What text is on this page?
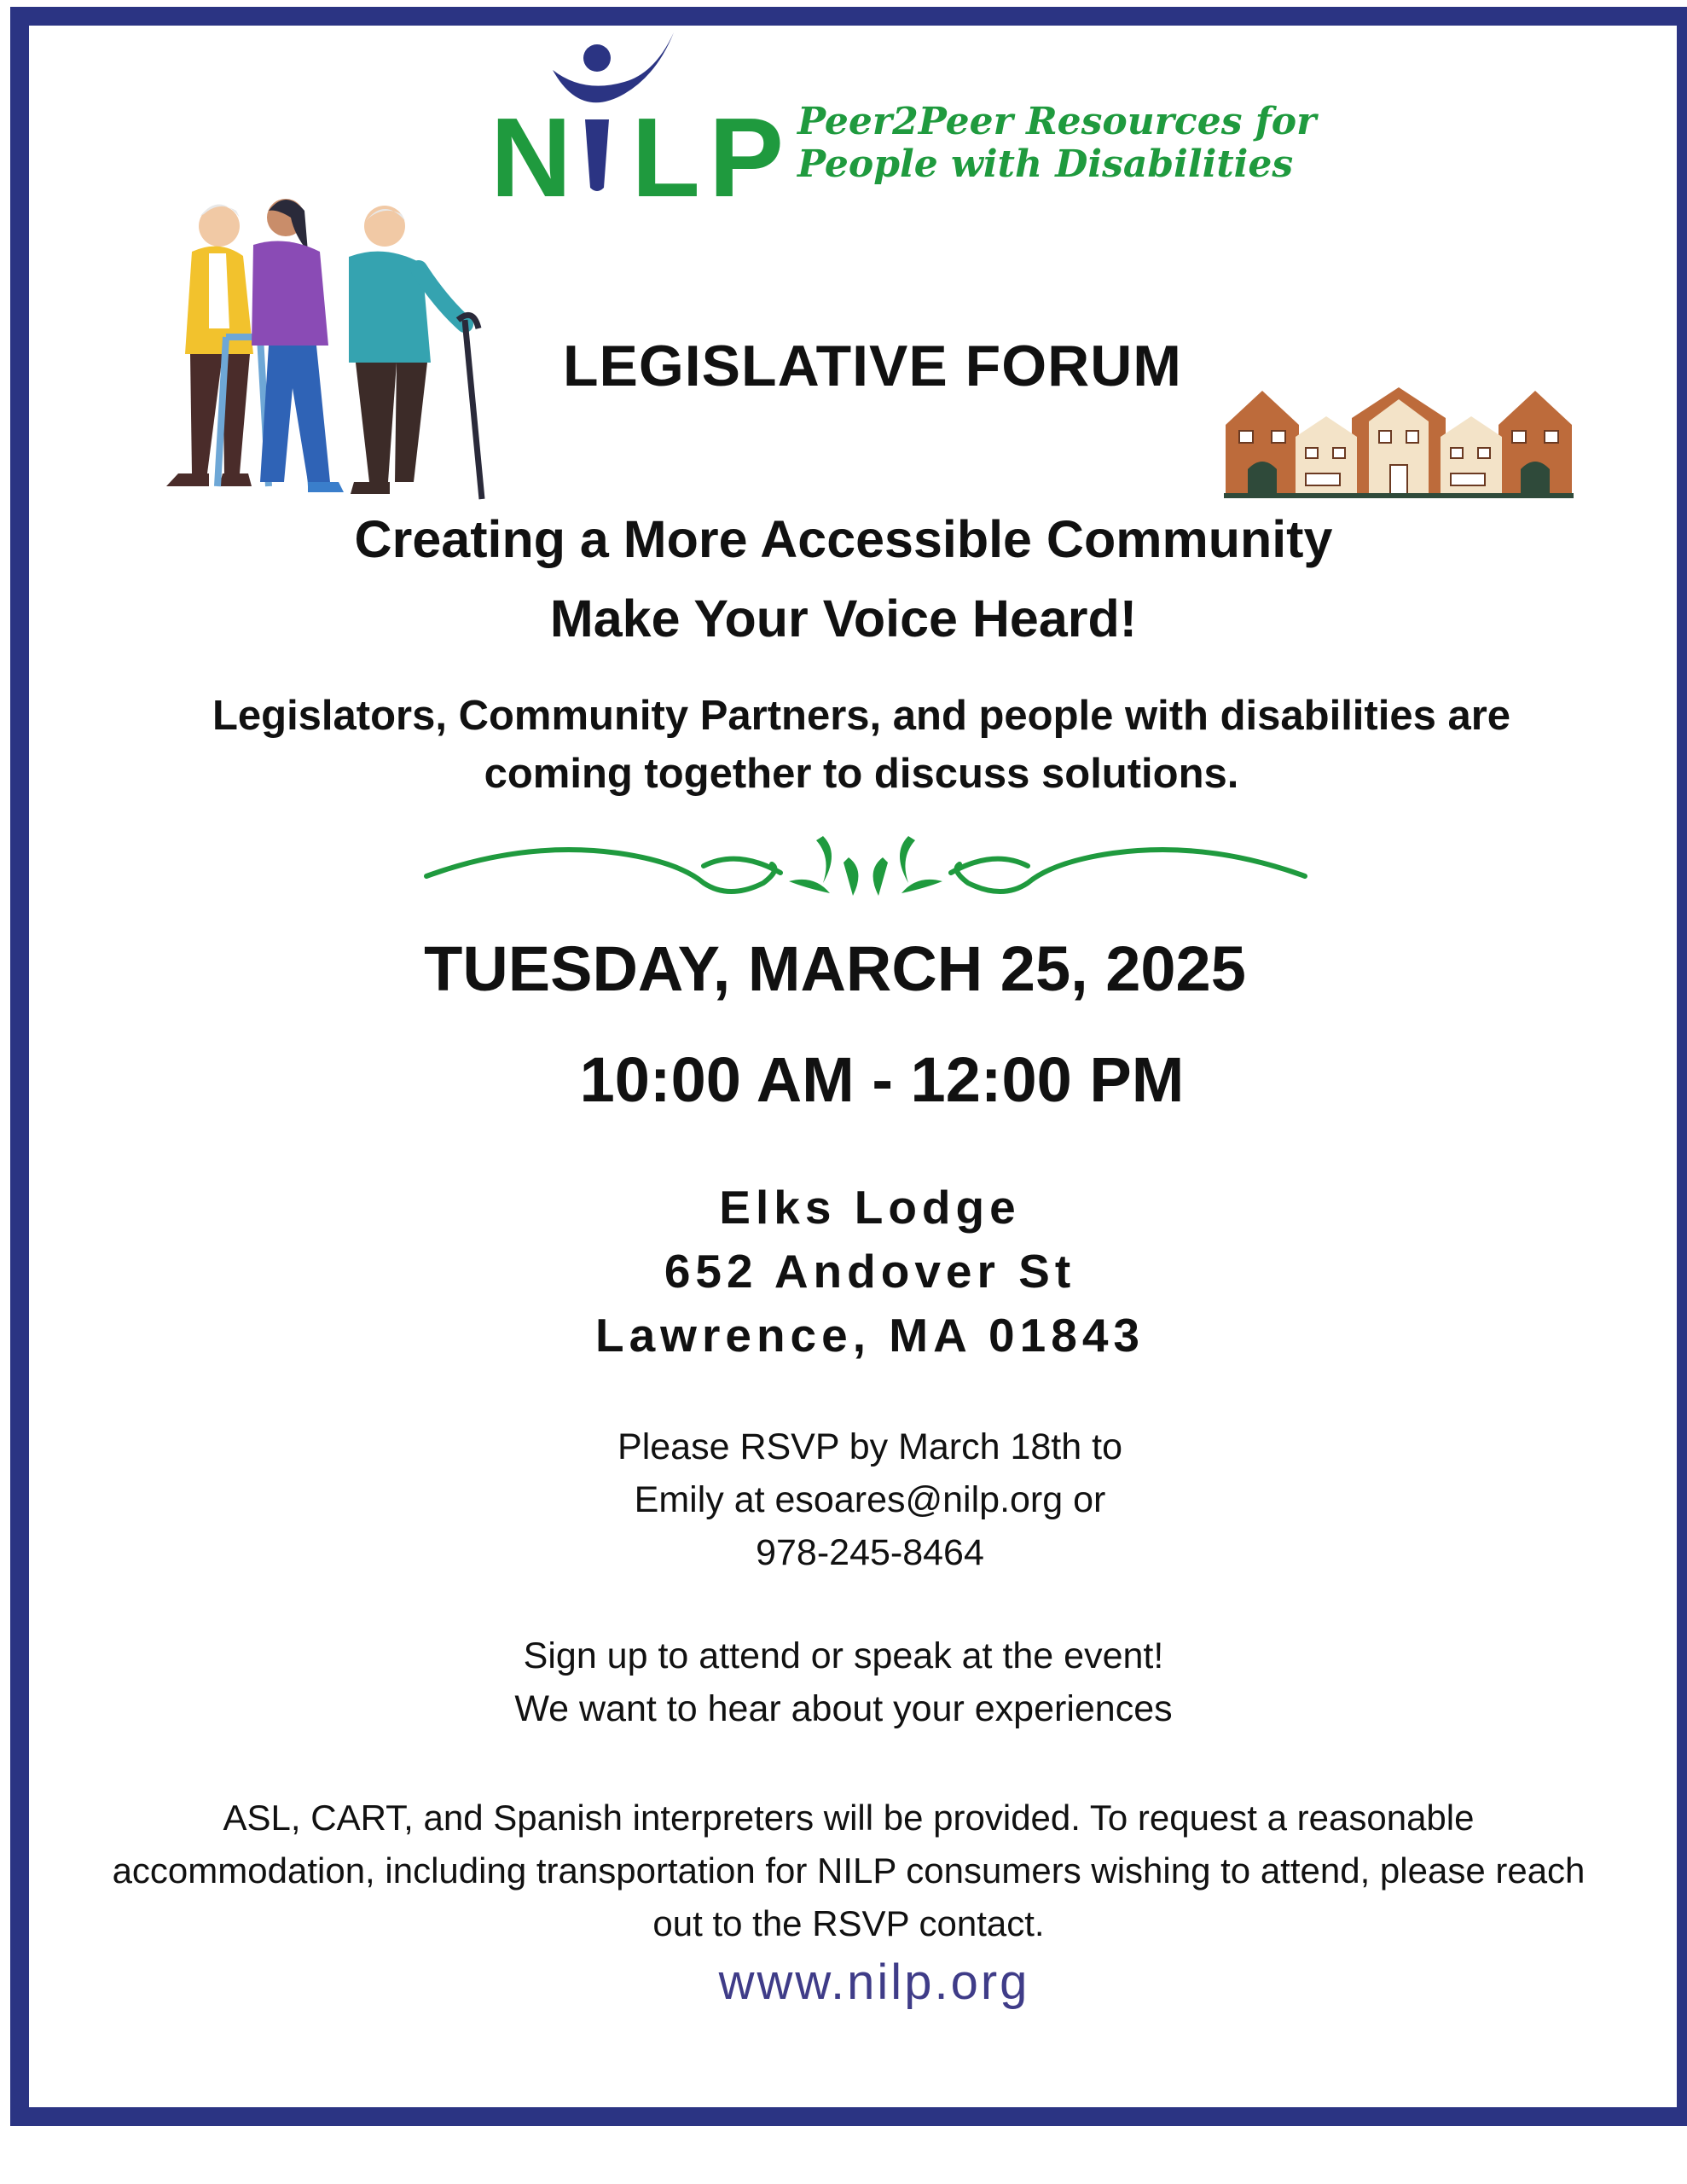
N LP Peer2Peer Resources for
People with Disabilities
LEGISLATIVE FORUM
Creating a More Accessible Community
Make Your Voice Heard!
Legislators, Community Partners, and people with disabilities are
coming together to discuss solutions.
TUESDAY, MARCH 25, 2025
10:00 AM - 12:00 PM
Elks Lodge
652 Andover St
Lawrence, MA 01843
Please RSVP by March 18th to
Emily at esoares@nilp.org or
978-245-8464
Sign up to attend or speak at the event!
We want to hear about your experiences
ASL, CART, and Spanish interpreters will be provided. To request a reasonable
accommodation, including transportation for NILP consumers wishing to attend, please reach
out to the RSVP contact.
www.nilp.org
